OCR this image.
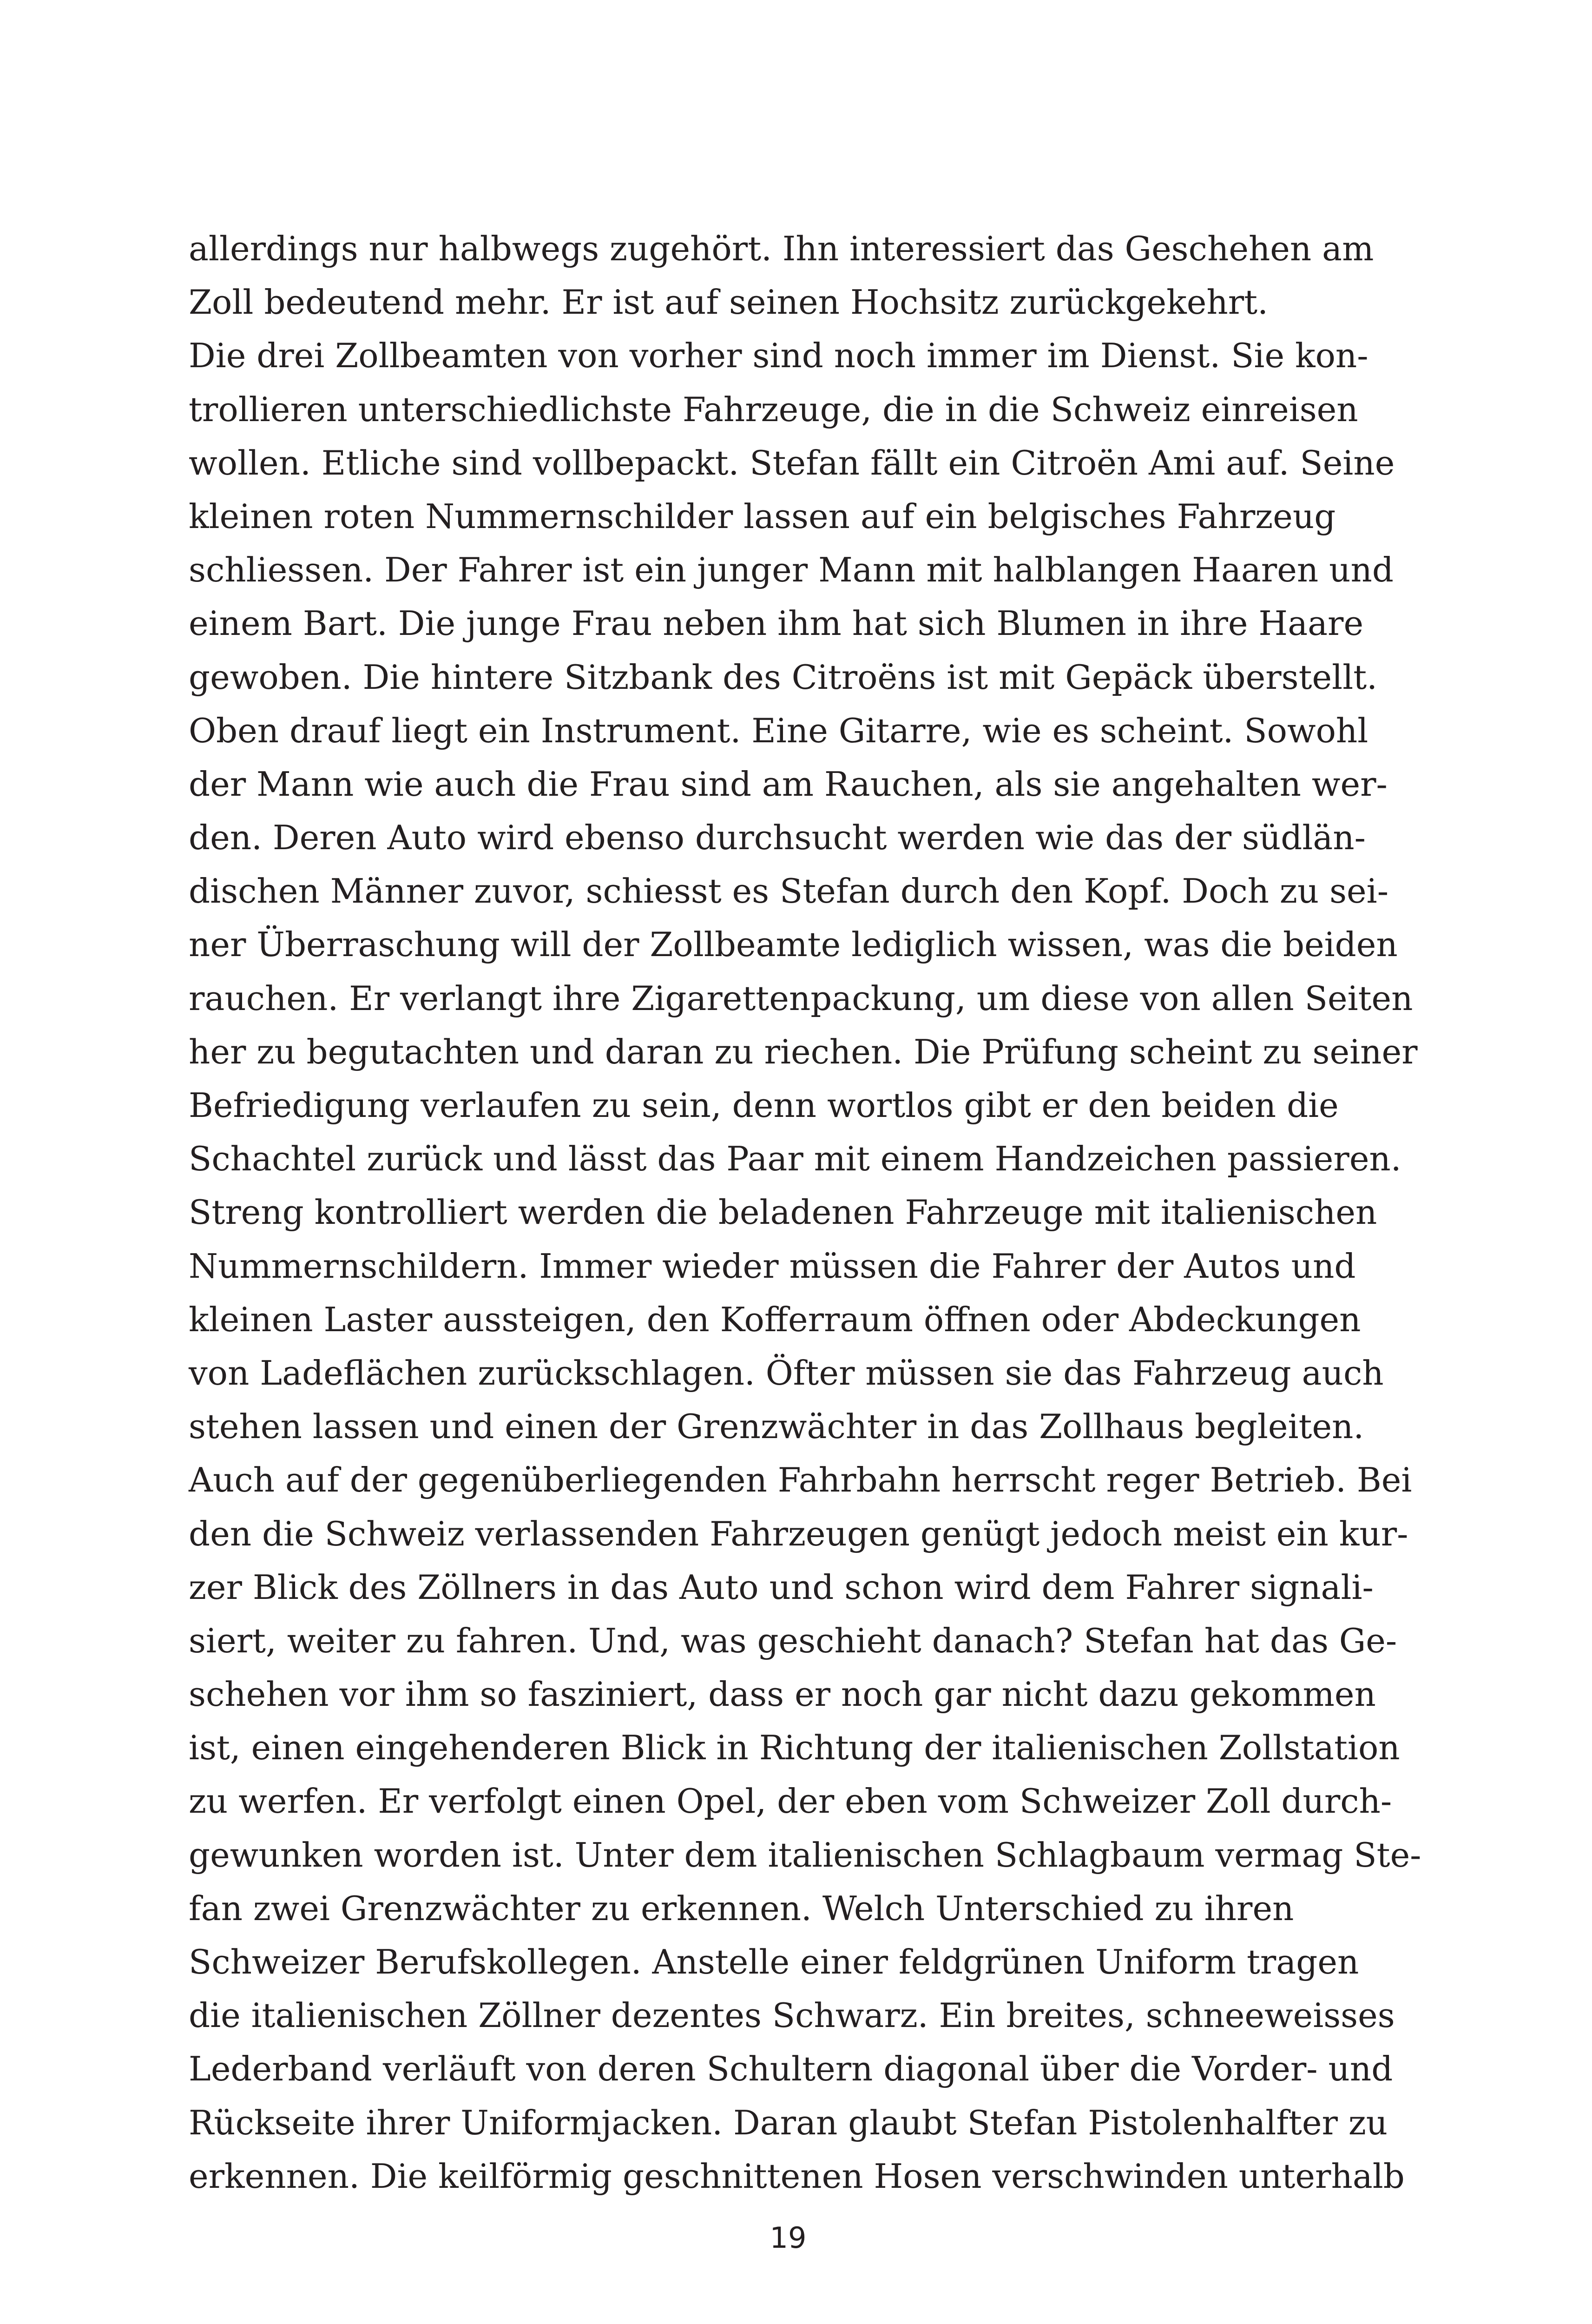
allerdings nur halbwegs zugehört. Ihn interessiert das Geschehen am
Zoll bedeutend mehr. Er ist auf seinen Hochsitz zurückgekehrt.
Die drei Zollbeamten von vorher sind noch immer im Dienst. Sie kon-
trollieren unterschiedlichste Fahrzeuge, die in die Schweiz einreisen
wollen. Etliche sind vollbepackt. Stefan fällt ein Citroën Ami auf. Seine
kleinen roten Nummernschilder lassen auf ein belgisches Fahrzeug
schliessen. Der Fahrer ist ein junger Mann mit halblangen Haaren und
einem Bart. Die junge Frau neben ihm hat sich Blumen in ihre Haare
gewoben. Die hintere Sitzbank des Citroëns ist mit Gepäck überstellt.
Oben drauf liegt ein Instrument. Eine Gitarre, wie es scheint. Sowohl
der Mann wie auch die Frau sind am Rauchen, als sie angehalten wer-
den. Deren Auto wird ebenso durchsucht werden wie das der südlän-
dischen Männer zuvor, schiesst es Stefan durch den Kopf. Doch zu sei-
ner Überraschung will der Zollbeamte lediglich wissen, was die beiden
rauchen. Er verlangt ihre Zigarettenpackung, um diese von allen Seiten
her zu begutachten und daran zu riechen. Die Prüfung scheint zu seiner
Befriedigung verlaufen zu sein, denn wortlos gibt er den beiden die
Schachtel zurück und lässt das Paar mit einem Handzeichen passieren.
Streng kontrolliert werden die beladenen Fahrzeuge mit italienischen
Nummernschildern. Immer wieder müssen die Fahrer der Autos und
kleinen Laster aussteigen, den Kofferraum öffnen oder Abdeckungen
von Ladeflächen zurückschlagen. Öfter müssen sie das Fahrzeug auch
stehen lassen und einen der Grenzwächter in das Zollhaus begleiten.
Auch auf der gegenüberliegenden Fahrbahn herrscht reger Betrieb. Bei
den die Schweiz verlassenden Fahrzeugen genügt jedoch meist ein kur-
zer Blick des Zöllners in das Auto und schon wird dem Fahrer signali-
siert, weiter zu fahren. Und, was geschieht danach? Stefan hat das Ge-
schehen vor ihm so fasziniert, dass er noch gar nicht dazu gekommen
ist, einen eingehenderen Blick in Richtung der italienischen Zollstation
zu werfen. Er verfolgt einen Opel, der eben vom Schweizer Zoll durch-
gewunken worden ist. Unter dem italienischen Schlagbaum vermag Ste-
fan zwei Grenzwächter zu erkennen. Welch Unterschied zu ihren
Schweizer Berufskollegen. Anstelle einer feldgrünen Uniform tragen
die italienischen Zöllner dezentes Schwarz. Ein breites, schneeweisses
Lederband verläuft von deren Schultern diagonal über die Vorder- und
Rückseite ihrer Uniformjacken. Daran glaubt Stefan Pistolenhalfter zu
erkennen. Die keilförmig geschnittenen Hosen verschwinden unterhalb
19
